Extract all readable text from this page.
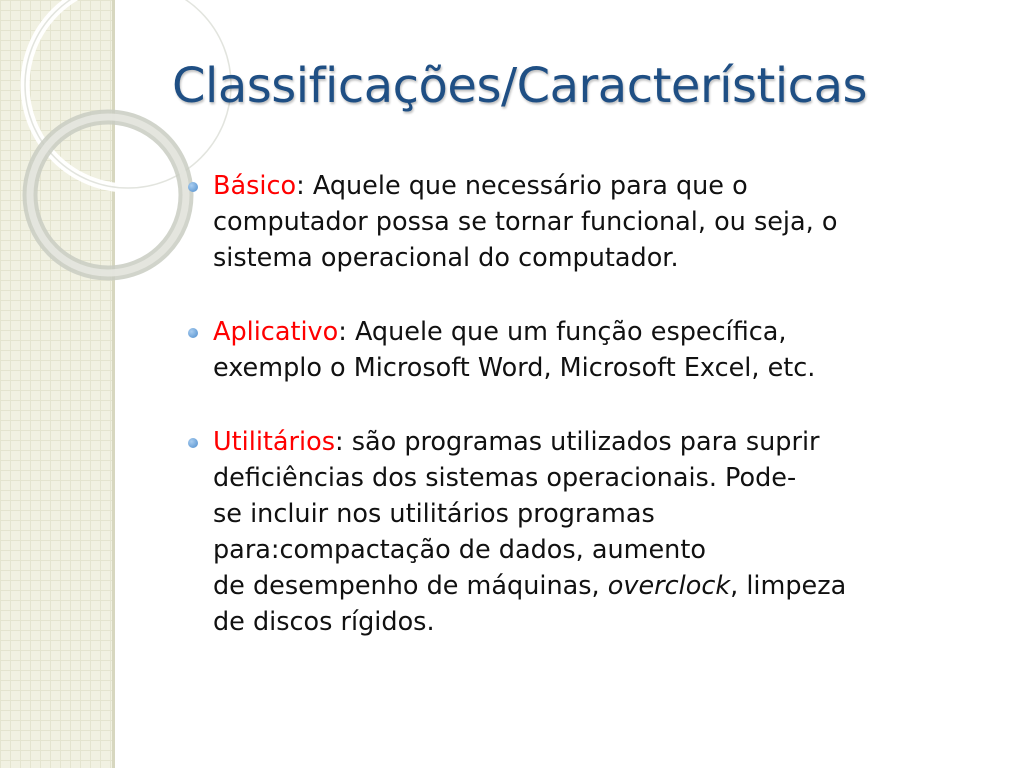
Classificações/Características
Básico: Aquele que necessário para que o
computador possa se tornar funcional, ou seja, o
sistema operacional do computador.
Aplicativo: Aquele que um função específica,
exemplo o Microsoft Word, Microsoft Excel, etc.
Utilitários: são programas utilizados para suprir
deficiências dos sistemas operacionais. Pode-
se incluir nos utilitários programas
para:compactação de dados, aumento
de desempenho de máquinas, overclock, limpeza
de discos rígidos.
